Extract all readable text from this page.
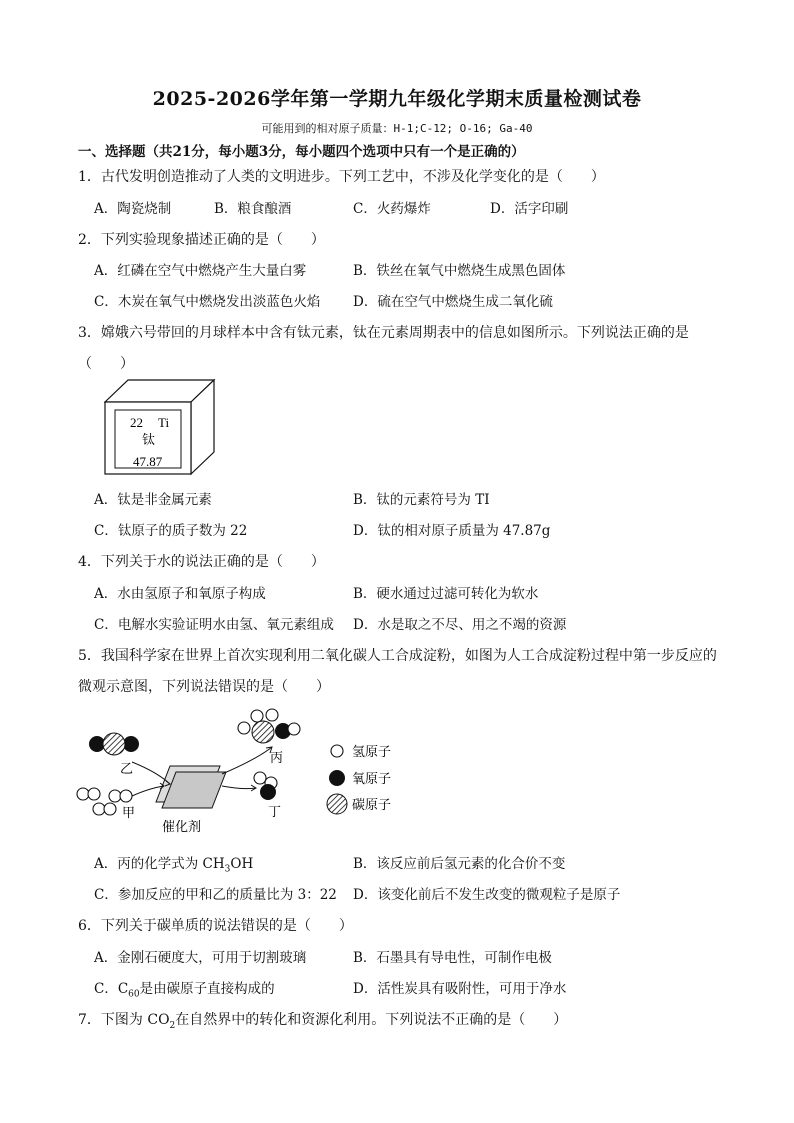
2025-2026学年第一学期九年级化学期末质量检测试卷
可能用到的相对原子质量：H-1;C-12; O-16; Ga-40
一、选择题（共21分，每小题3分，每小题四个选项中只有一个是正确的）
1．古代发明创造推动了人类的文明进步。下列工艺中，不涉及化学变化的是（　　）
A．陶瓷烧制	B．粮食酿酒	C．火药爆炸	D．活字印刷
2．下列实验现象描述正确的是（　　）
A．红磷在空气中燃烧产生大量白雾	B．铁丝在氧气中燃烧生成黑色固体
C．木炭在氧气中燃烧发出淡蓝色火焰 D．硫在空气中燃烧生成二氧化硫
3．嫦娥六号带回的月球样本中含有钛元素，钛在元素周期表中的信息如图所示。下列说法正确的是
（　　）
22 Ti
钛
47.87
A．钛是非金属元素	B．钛的元素符号为 TI
C．钛原子的质子数为 22	D．钛的相对原子质量为 47.87g
4．下列关于水的说法正确的是（　　）
A．水由氢原子和氧原子构成	B．硬水通过过滤可转化为软水
C．电解水实验证明水由氢、氧元素组成 D．水是取之不尽、用之不竭的资源
5．我国科学家在世界上首次实现利用二氧化碳人工合成淀粉，如图为人工合成淀粉过程中第一步反应的
微观示意图，下列说法错误的是（　　）
乙
甲
催化剂
丙
丁
氢原子
氧原子
碳原子
A．丙的化学式为 $CH_3OH$	B．该反应前后氢元素的化合价不变
C．参加反应的甲和乙的质量比为 3：22 D．该变化前后不发生改变的微观粒子是原子
6．下列关于碳单质的说法错误的是（　　）
A．金刚石硬度大，可用于切割玻璃	B．石墨具有导电性，可制作电极
C．$C_{60}$是由碳原子直接构成的	D．活性炭具有吸附性，可用于净水
7．下图为 $CO_2$在自然界中的转化和资源化利用。下列说法不正确的是（　　）
